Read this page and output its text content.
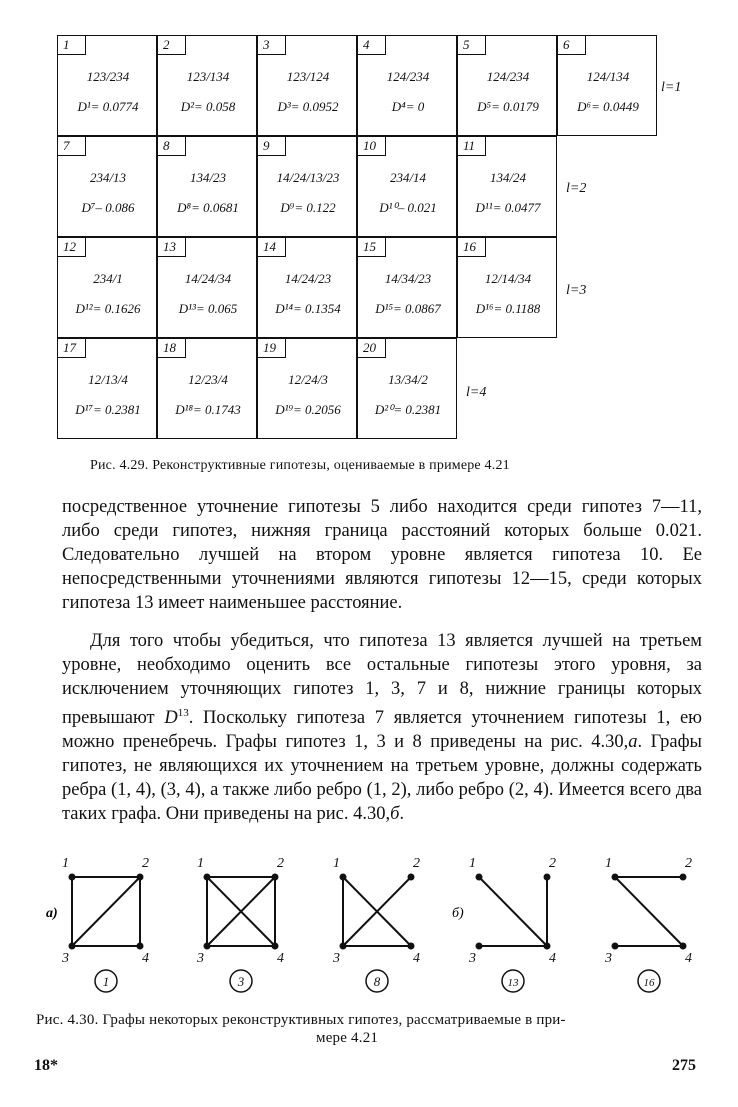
1
123/234
D¹= 0.0774
2
123/134
D²= 0.058
3
123/124
D³= 0.0952
4
124/234
D⁴= 0
5
124/234
D⁵= 0.0179
6
124/134
D⁶= 0.0449
l=1
7
234/13
D⁷– 0.086
8
134/23
D⁸= 0.0681
9
14/24/13/23
D⁹= 0.122
10
234/14
D¹⁰– 0.021
11
134/24
D¹¹= 0.0477
l=2
12
234/1
D¹²= 0.1626
13
14/24/34
D¹³= 0.065
14
14/24/23
D¹⁴= 0.1354
15
14/34/23
D¹⁵= 0.0867
16
12/14/34
D¹⁶= 0.1188
l=3
17
12/13/4
D¹⁷= 0.2381
18
12/23/4
D¹⁸= 0.1743
19
12/24/3
D¹⁹= 0.2056
20
13/34/2
D²⁰= 0.2381
l=4
Рис. 4.29. Реконструктивные гипотезы, оцениваемые в примере 4.21
посредственное уточнение гипотезы 5 либо находится среди гипотез 7—11, либо среди гипотез, нижняя граница расстояний которых больше 0.021. Следовательно лучшей на втором уровне является гипотеза 10. Ее непосредственными уточнениями являются гипотезы 12—15, среди которых гипотеза 13 имеет наименьшее расстояние.
Для того чтобы убедиться, что гипотеза 13 является лучшей на третьем уровне, необходимо оценить все остальные гипотезы этого уровня, за исключением уточняющих гипотез 1, 3, 7 и 8, нижние границы которых превышают $D^{13}$. Поскольку гипотеза 7 является уточнением гипотезы 1, ею можно пренебречь. Графы гипотез 1, 3 и 8 приведены на рис. 4.30,а. Графы гипотез, не являющихся их уточнением на третьем уровне, должны содержать ребра (1, 4), (3, 4), а также либо ребро (1, 2), либо ребро (2, 4). Имеется всего два таких графа. Они приведены на рис. 4.30,б.
1	2
3	4
1
1	2
3	4
3
1	2
3	4
8
1	2
3	4
13
1	2
3	4
16
а)	б)
Рис. 4.30. Графы некоторых реконструктивных гипотез, рассматриваемые в при-
мере 4.21
18*	275
